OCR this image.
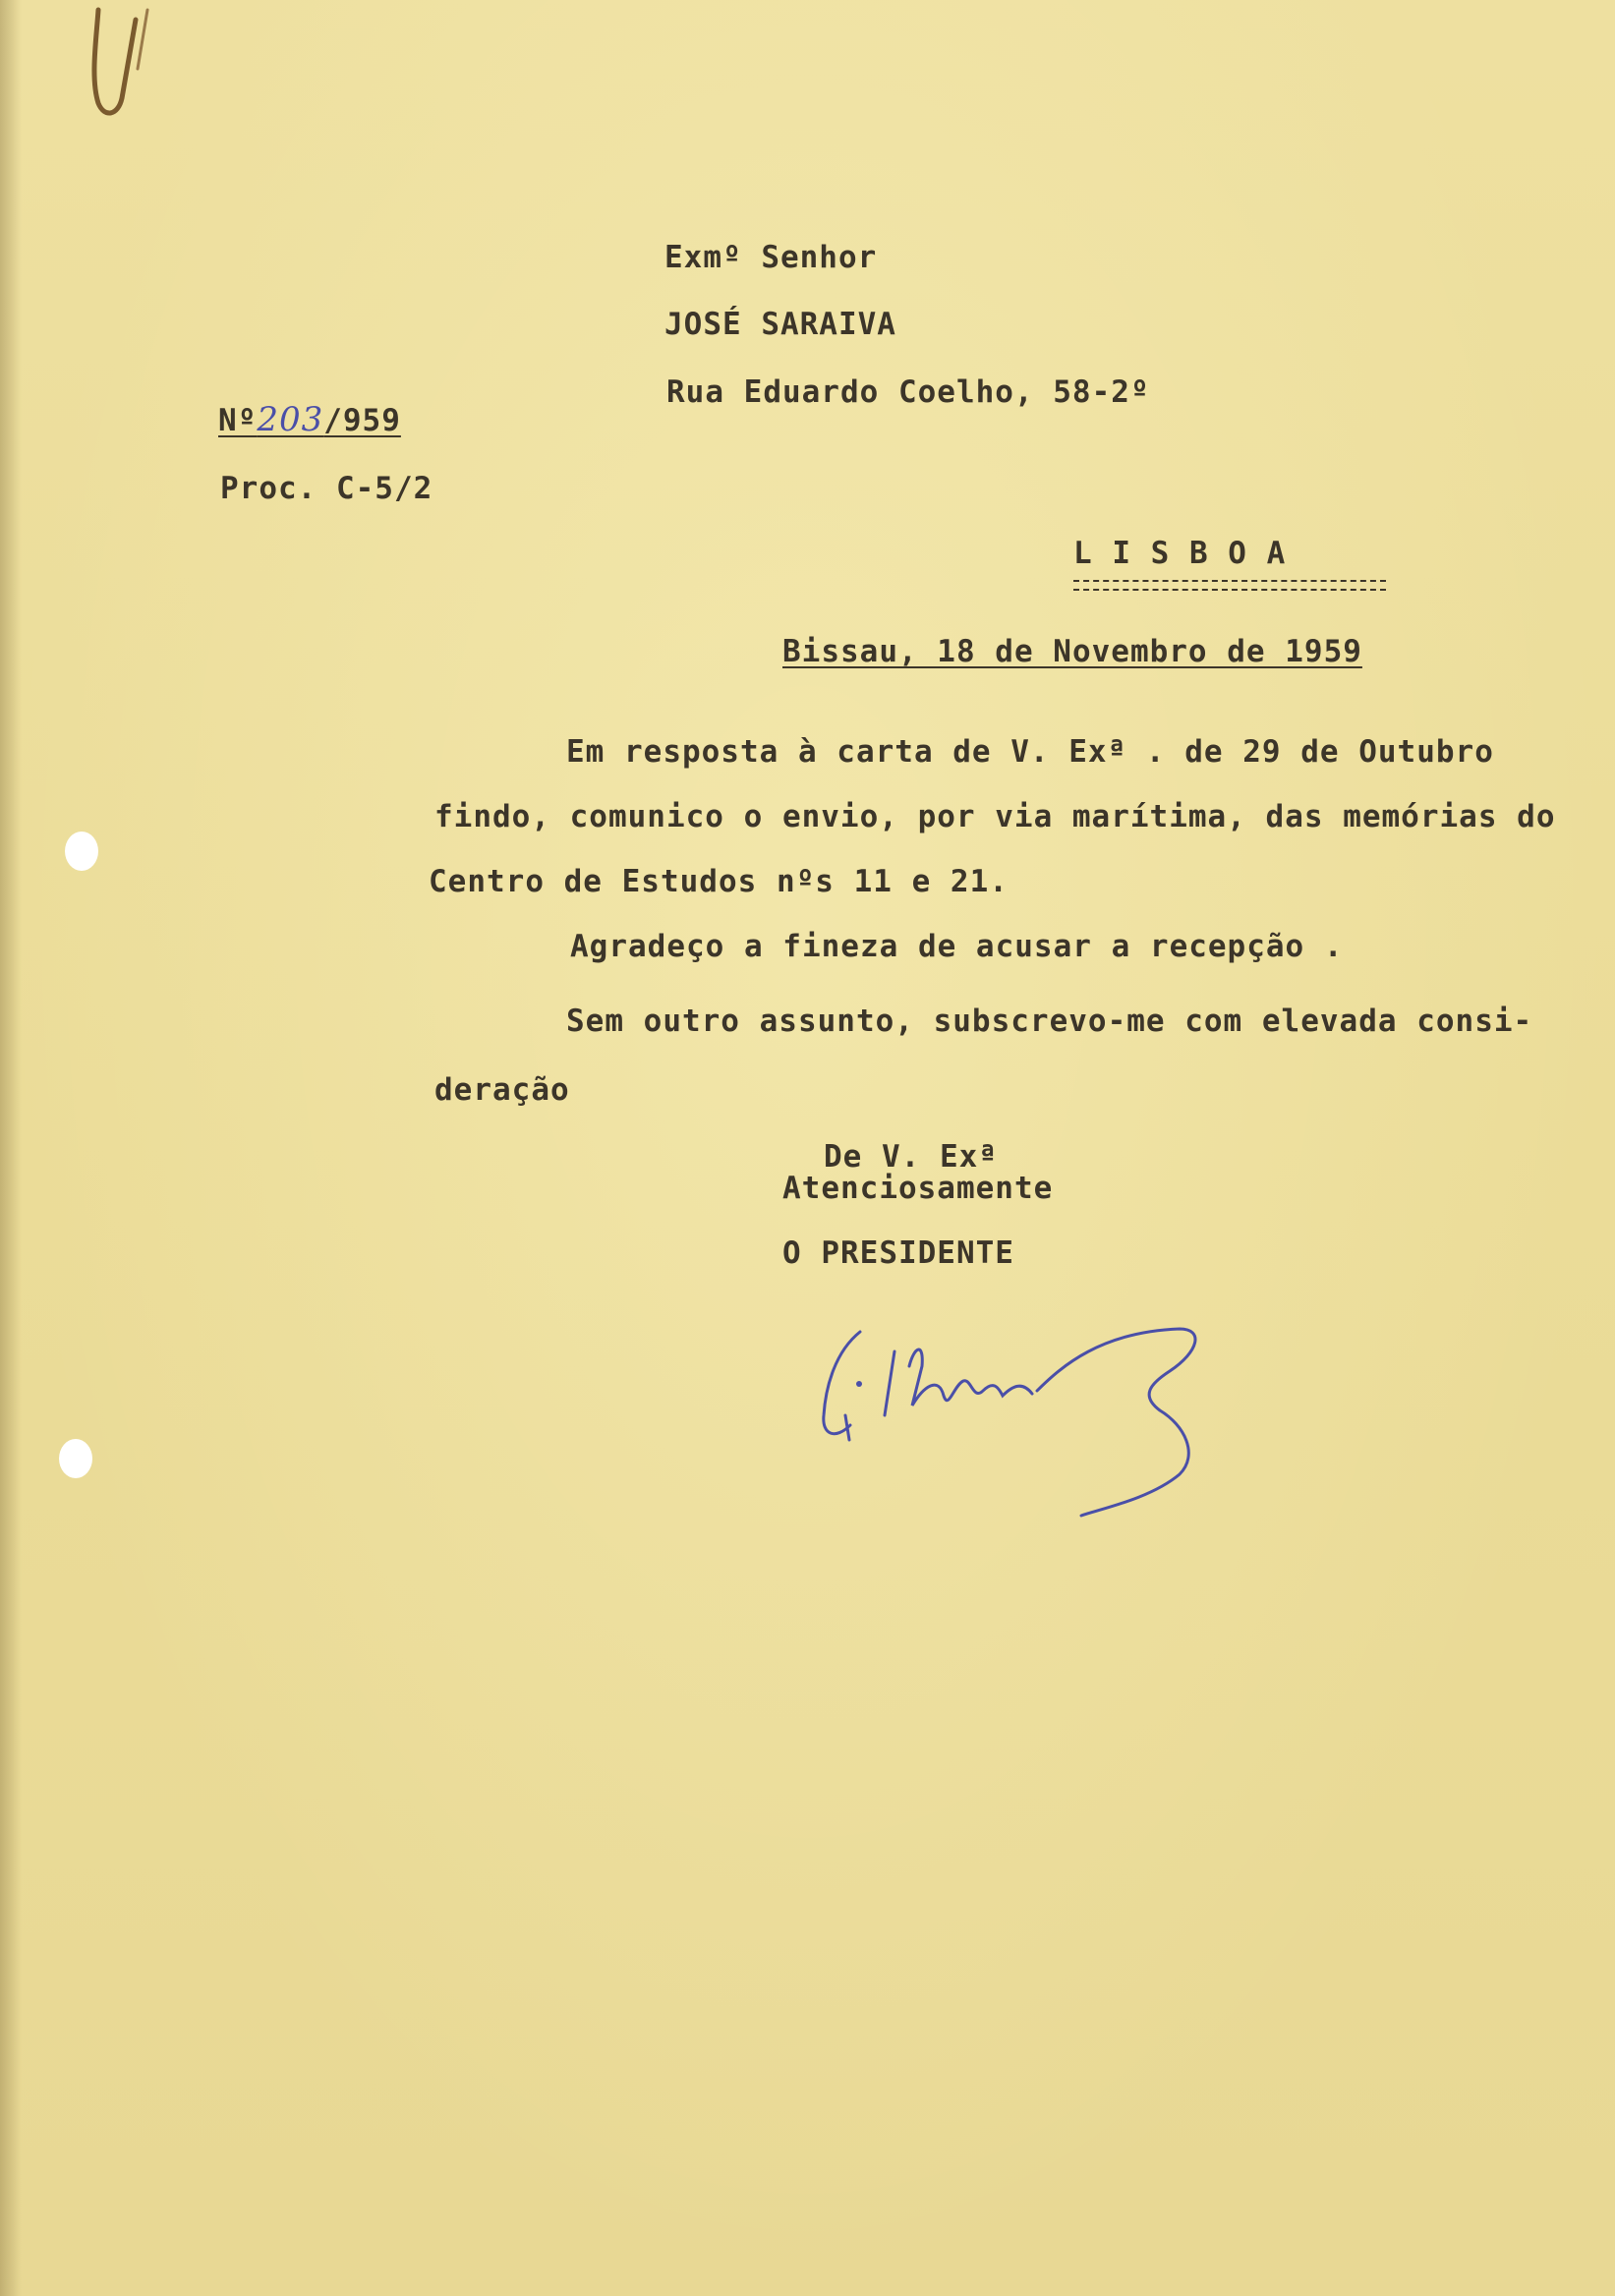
Exmº Senhor
JOSÉ SARAIVA
Rua Eduardo Coelho, 58-2º
Nº203/959
Proc. C-5/2
L I S B O A
Bissau, 18 de Novembro de 1959
Em resposta à carta de V. Exª . de 29 de Outubro
findo, comunico o envio, por via marítima, das memórias do
Centro de Estudos nºs 11 e 21.
Agradeço a fineza de acusar a recepção .
Sem outro assunto, subscrevo-me com elevada consi-
deração
De V. Exª
Atenciosamente
O PRESIDENTE
